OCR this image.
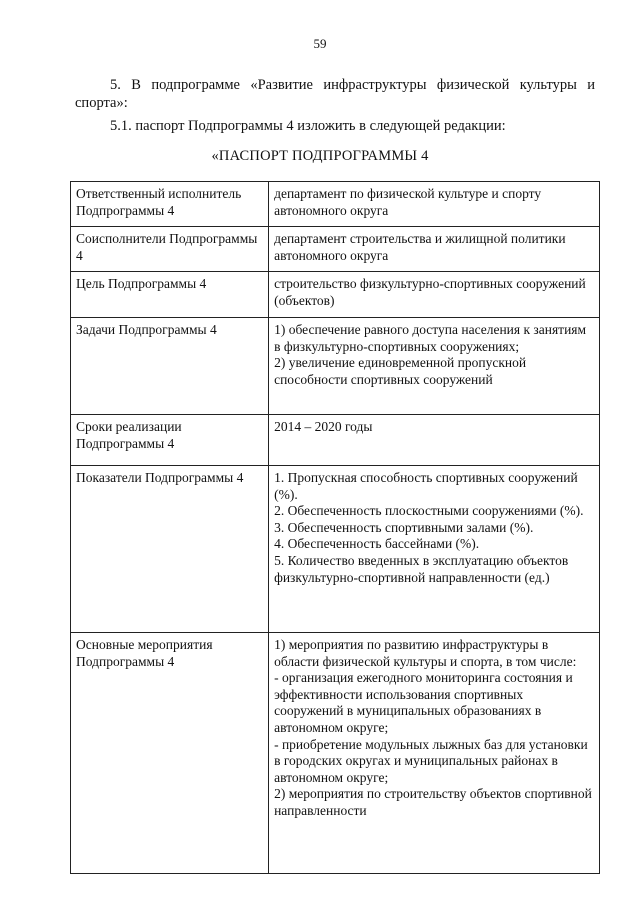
59
5. В подпрограмме «Развитие инфраструктуры физической культуры и спорта»:
5.1. паспорт Подпрограммы 4 изложить в следующей редакции:
«ПАСПОРТ ПОДПРОГРАММЫ 4
Ответственный исполнитель Подпрограммы 4	департамент по физической культуре и спорту автономного округа
Соисполнители Подпрограммы 4	департамент строительства и жилищной политики автономного округа
Цель Подпрограммы 4	строительство физкультурно-спортивных сооружений (объектов)
Задачи Подпрограммы 4	1) обеспечение равного доступа населения к занятиям в физкультурно-спортивных сооружениях;
2) увеличение единовременной пропускной способности спортивных сооружений
Сроки реализации Подпрограммы 4	2014 – 2020 годы
Показатели Подпрограммы 4	1. Пропускная способность спортивных сооружений (%).
2. Обеспеченность плоскостными сооружениями (%).
3. Обеспеченность спортивными залами (%).
4. Обеспеченность бассейнами (%).
5. Количество введенных в эксплуатацию объектов физкультурно-спортивной направленности (ед.)
Основные мероприятия Подпрограммы 4	1) мероприятия по развитию инфраструктуры в области физической культуры и спорта, в том числе:
- организация ежегодного мониторинга состояния и эффективности использования спортивных сооружений в муниципальных образованиях в автономном округе;
- приобретение модульных лыжных баз для установки в городских округах и муниципальных районах в автономном округе;
2) мероприятия по строительству объектов спортивной направленности
